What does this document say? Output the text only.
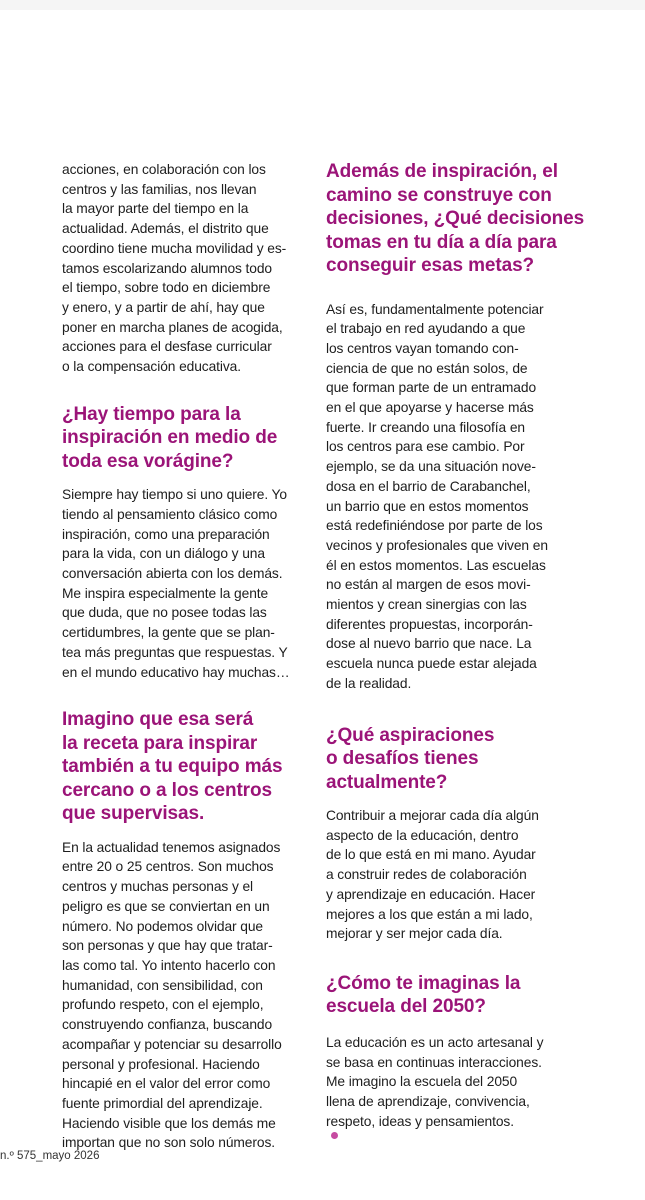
acciones, en colaboración con los
centros y las familias, nos llevan
la mayor parte del tiempo en la
actualidad. Además, el distrito que
coordino tiene mucha movilidad y es-
tamos escolarizando alumnos todo
el tiempo, sobre todo en diciembre
y enero, y a partir de ahí, hay que
poner en marcha planes de acogida,
acciones para el desfase curricular
o la compensación educativa.

¿Hay tiempo para la
inspiración en medio de
toda esa vorágine?

Siempre hay tiempo si uno quiere. Yo
tiendo al pensamiento clásico como
inspiración, como una preparación
para la vida, con un diálogo y una
conversación abierta con los demás.
Me inspira especialmente la gente
que duda, que no posee todas las
certidumbres, la gente que se plan-
tea más preguntas que respuestas. Y
en el mundo educativo hay muchas…

Imagino que esa será
la receta para inspirar
también a tu equipo más
cercano o a los centros
que supervisas.

En la actualidad tenemos asignados
entre 20 o 25 centros. Son muchos
centros y muchas personas y el
peligro es que se conviertan en un
número. No podemos olvidar que
son personas y que hay que tratar-
las como tal. Yo intento hacerlo con
humanidad, con sensibilidad, con
profundo respeto, con el ejemplo,
construyendo confianza, buscando
acompañar y potenciar su desarrollo
personal y profesional. Haciendo
hincapié en el valor del error como
fuente primordial del aprendizaje.
Haciendo visible que los demás me
importan que no son solo números.

Además de inspiración, el
camino se construye con
decisiones, ¿Qué decisiones
tomas en tu día a día para
conseguir esas metas?

Así es, fundamentalmente potenciar
el trabajo en red ayudando a que
los centros vayan tomando con-
ciencia de que no están solos, de
que forman parte de un entramado
en el que apoyarse y hacerse más
fuerte. Ir creando una filosofía en
los centros para ese cambio. Por
ejemplo, se da una situación nove-
dosa en el barrio de Carabanchel,
un barrio que en estos momentos
está redefiniéndose por parte de los
vecinos y profesionales que viven en
él en estos momentos. Las escuelas
no están al margen de esos movi-
mientos y crean sinergias con las
diferentes propuestas, incorporán-
dose al nuevo barrio que nace. La
escuela nunca puede estar alejada
de la realidad.

¿Qué aspiraciones
o desafíos tienes
actualmente?

Contribuir a mejorar cada día algún
aspecto de la educación, dentro
de lo que está en mi mano. Ayudar
a construir redes de colaboración
y aprendizaje en educación. Hacer
mejores a los que están a mi lado,
mejorar y ser mejor cada día.

¿Cómo te imaginas la
escuela del 2050?

La educación es un acto artesanal y
se basa en continuas interacciones.
Me imagino la escuela del 2050
llena de aprendizaje, convivencia,
respeto, ideas y pensamientos.

n.º 575_mayo 2026
